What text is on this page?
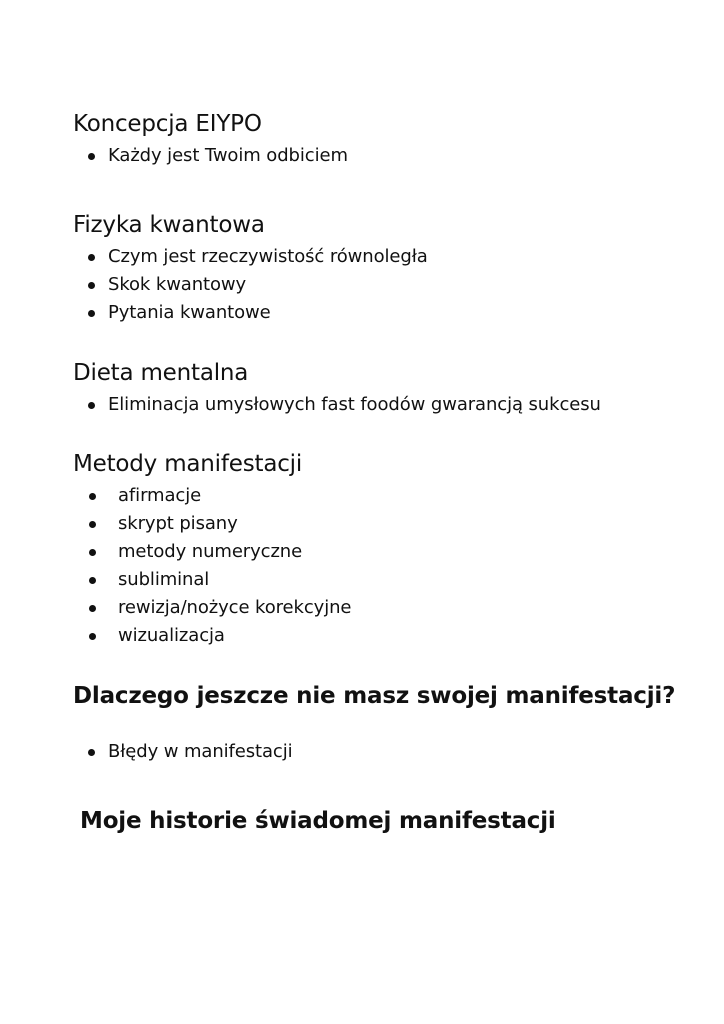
Koncepcja EIYPO
Każdy jest Twoim odbiciem
Fizyka kwantowa
Czym jest rzeczywistość równoległa
Skok kwantowy
Pytania kwantowe
Dieta mentalna
Eliminacja umysłowych fast foodów gwarancją sukcesu
Metody manifestacji
afirmacje
skrypt pisany
metody numeryczne
subliminal
rewizja/nożyce korekcyjne
wizualizacja
Dlaczego jeszcze nie masz swojej manifestacji?
Błędy w manifestacji
Moje historie świadomej manifestacji
